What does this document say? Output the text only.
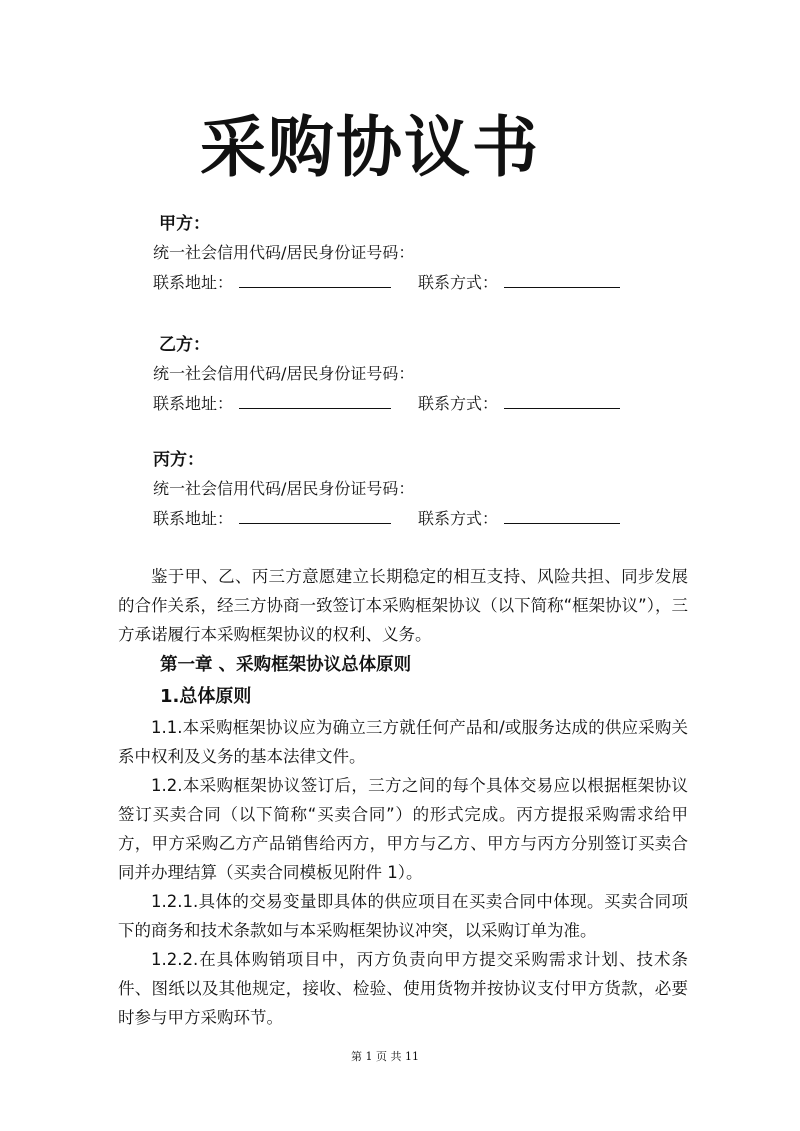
采购协议书
甲方：
统一社会信用代码/居民身份证号码：
联系地址：	联系方式：
乙方：
统一社会信用代码/居民身份证号码：
联系地址：	联系方式：
丙方：
统一社会信用代码/居民身份证号码：
联系地址：	联系方式：

鉴于甲、乙、丙三方意愿建立长期稳定的相互支持、风险共担、同步发展的合作关系，经三方协商一致签订本采购框架协议（以下简称“框架协议”），三方承诺履行本采购框架协议的权利、义务。

第一章 、采购框架协议总体原则
1.总体原则

1.1.本采购框架协议应为确立三方就任何产品和/或服务达成的供应采购关系中权利及义务的基本法律文件。

1.2.本采购框架协议签订后，三方之间的每个具体交易应以根据框架协议签订买卖合同（以下简称“买卖合同”）的形式完成。丙方提报采购需求给甲方，甲方采购乙方产品销售给丙方，甲方与乙方、甲方与丙方分别签订买卖合同并办理结算（买卖合同模板见附件 1）。

1.2.1.具体的交易变量即具体的供应项目在买卖合同中体现。买卖合同项下的商务和技术条款如与本采购框架协议冲突，以采购订单为准。

1.2.2.在具体购销项目中，丙方负责向甲方提交采购需求计划、技术条件、图纸以及其他规定，接收、检验、使用货物并按协议支付甲方货款，必要时参与甲方采购环节。

第 1 页 共 11
